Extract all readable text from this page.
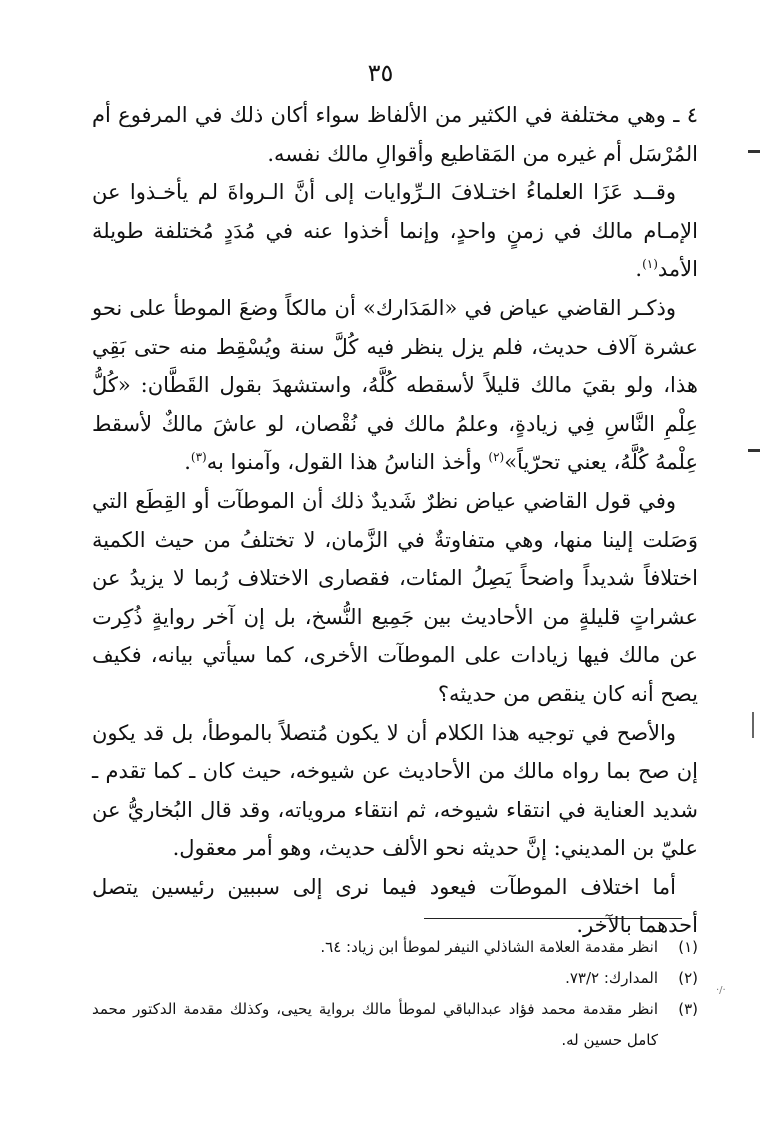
٣٥

٤ ـ وهي مختلفة في الكثير من الألفاظ سواء أكان ذلك في المرفوع أم المُرْسَل أم غيره من المَقاطيع وأقوالِ مالك نفسه.

وقــد عَزَا العلماءُ اختـلافَ الـرِّوايات إلى أنَّ الـرواةَ لم يأخـذوا عن الإمـام مالك في زمنٍ واحدٍ، وإنما أخذوا عنه في مُدَدٍ مُختلفة طويلة الأمد$^{(١)}$.

وذكـر القاضي عياض في «المَدَارك» أن مالكاً وضعَ الموطأ على نحو عشرة آلاف حديث، فلم يزل ينظر فيه كُلَّ سنة ويُسْقِط منه حتى بَقِي هذا، ولو بقيَ مالك قليلاً لأسقطه كُلَّهُ، واستشهدَ بقول القَطَّان: «كُلُّ عِلْمِ النَّاسِ فِي زيادةٍ، وعلمُ مالك في نُقْصان، لو عاشَ مالكٌ لأسقط عِلْمهُ كُلَّهُ، يعني تحرّياً»$^{(٢)}$ وأخذ الناسُ هذا القول، وآمنوا به$^{(٣)}$.

وفي قول القاضي عياض نظرٌ شَديدٌ ذلك أن الموطآت أو القِطَع التي وَصَلت إلينا منها، وهي متفاوتةٌ في الزَّمان، لا تختلفُ من حيث الكمية اختلافاً شديداً واضحاً يَصِلُ المئات، فقصارى الاختلاف رُبما لا يزيدُ عن عشراتٍ قليلةٍ من الأحاديث بين جَمِيع النُّسخ، بل إن آخر روايةٍ ذُكِرت عن مالك فيها زيادات على الموطآت الأخرى، كما سيأتي بيانه، فكيف يصح أنه كان ينقص من حديثه؟

والأصح في توجيه هذا الكلام أن لا يكون مُتصلاً بالموطأ، بل قد يكون إن صح بما رواه مالك من الأحاديث عن شيوخه، حيث كان ـ كما تقدم ـ شديد العناية في انتقاء شيوخه، ثم انتقاء مروياته، وقد قال البُخاريُّ عن عليّ بن المديني: إنَّ حديثه نحو الألف حديث، وهو أمر معقول.

أما اختلاف الموطآت فيعود فيما نرى إلى سببين رئيسين يتصل أحدهما بالآخر.

(١)
انظر مقدمة العلامة الشاذلي النيفر لموطأ ابن زياد: ٦٤.
(٢)
المدارك: ٧٣/٢.
(٣)
انظر مقدمة محمد فؤاد عبدالباقي لموطأ مالك برواية يحيى، وكذلك مقدمة الدكتور محمد كامل حسين له.
·/·
